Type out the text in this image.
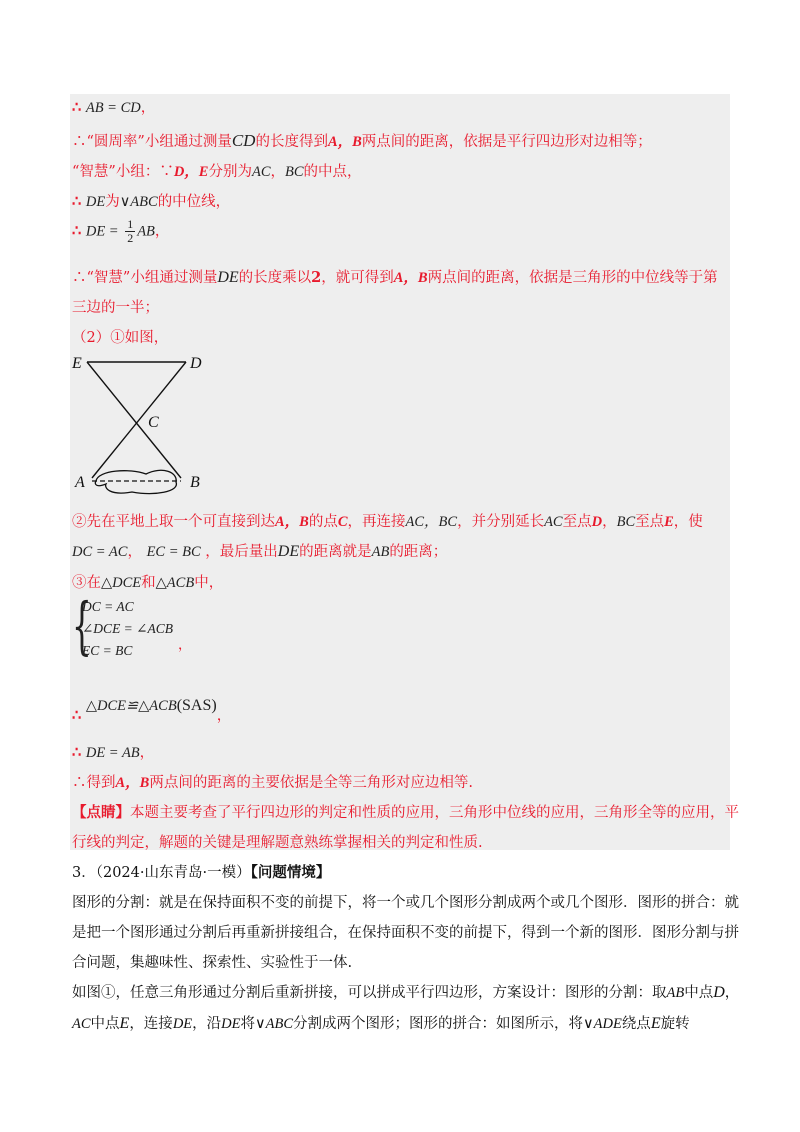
∴ AB = CD，
∴“圆周率”小组通过测量CD的长度得到A，B两点间的距离，依据是平行四边形对边相等；
“智慧”小组：∵D，E分别为AC，BC的中点，
∴ DE为∨ABC的中位线，
∴ DE = $\frac{1}{2}$ AB，
∴“智慧”小组通过测量DE的长度乘以2，就可得到A，B两点间的距离，依据是三角形的中位线等于第
三边的一半；
（2）①如图，
E	D
C
A	B
②先在平地上取一个可直接到达A，B的点C，再连接AC，BC，并分别延长AC至点D，BC至点E，使
DC = AC， EC = BC ，最后量出DE的距离就是AB的距离；
③在△DCE和△ACB中，
{
DC = AC
∠DCE = ∠ACB
EC = BC	，
∴ △DCE≌△ACB(SAS)，
∴ DE = AB，
∴得到A，B两点间的距离的主要依据是全等三角形对应边相等.
【点睛】本题主要考查了平行四边形的判定和性质的应用，三角形中位线的应用，三角形全等的应用，平
行线的判定，解题的关键是理解题意熟练掌握相关的判定和性质.
3．（2024·山东青岛·一模）【问题情境】
图形的分割：就是在保持面积不变的前提下，将一个或几个图形分割成两个或几个图形．图形的拼合：就
是把一个图形通过分割后再重新拼接组合，在保持面积不变的前提下，得到一个新的图形．图形分割与拼
合问题，集趣味性、探索性、实验性于一体.
如图①，任意三角形通过分割后重新拼接，可以拼成平行四边形，方案设计：图形的分割：取AB中点D，
AC中点E，连接DE，沿DE将∨ABC分割成两个图形；图形的拼合：如图所示，将∨ADE绕点E旋转
